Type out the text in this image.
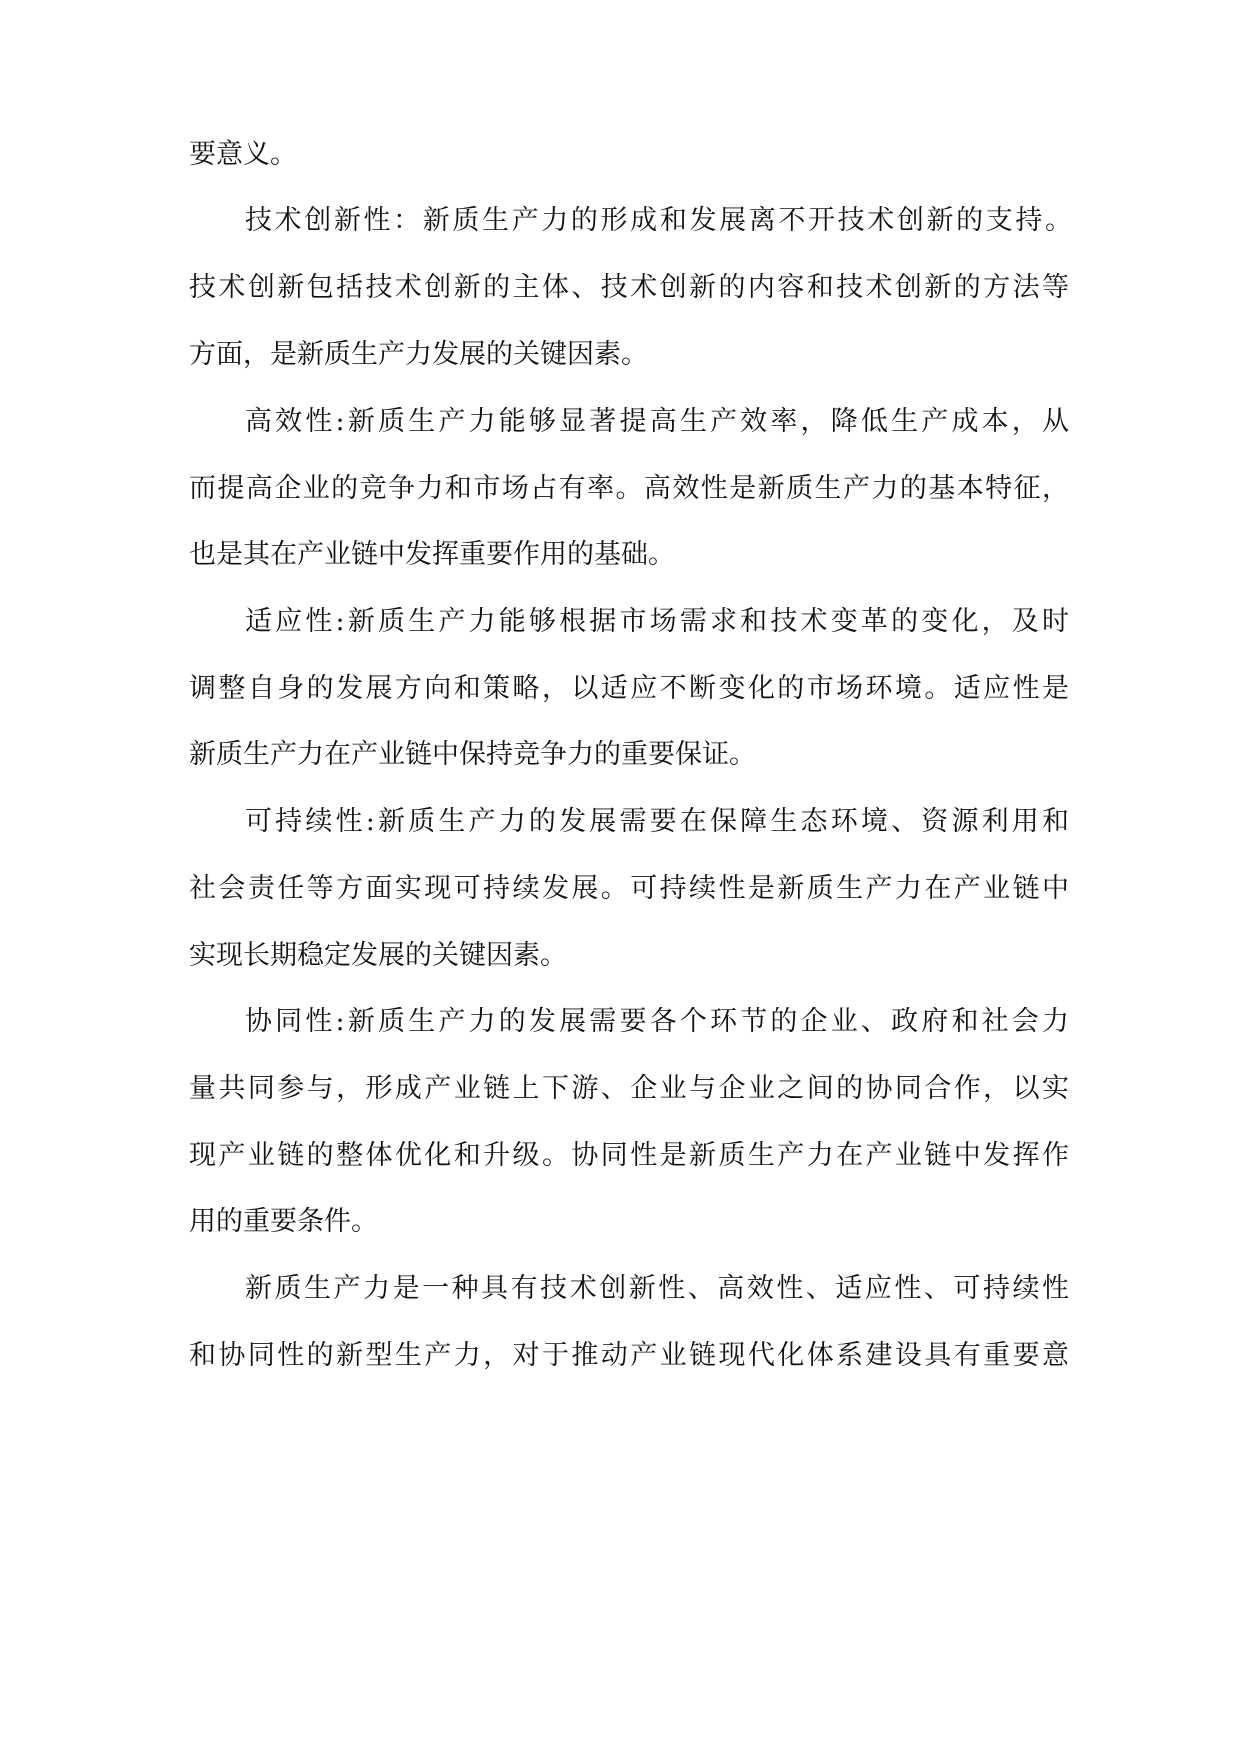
要意义。
技术创新性：新质生产力的形成和发展离不开技术创新的支持。
技术创新包括技术创新的主体、技术创新的内容和技术创新的方法等
方面，是新质生产力发展的关键因素。
高效性:新质生产力能够显著提高生产效率，降低生产成本，从
而提高企业的竞争力和市场占有率。高效性是新质生产力的基本特征，
也是其在产业链中发挥重要作用的基础。
适应性:新质生产力能够根据市场需求和技术变革的变化，及时
调整自身的发展方向和策略，以适应不断变化的市场环境。适应性是
新质生产力在产业链中保持竞争力的重要保证。
可持续性:新质生产力的发展需要在保障生态环境、资源利用和
社会责任等方面实现可持续发展。可持续性是新质生产力在产业链中
实现长期稳定发展的关键因素。
协同性:新质生产力的发展需要各个环节的企业、政府和社会力
量共同参与，形成产业链上下游、企业与企业之间的协同合作，以实
现产业链的整体优化和升级。协同性是新质生产力在产业链中发挥作
用的重要条件。
新质生产力是一种具有技术创新性、高效性、适应性、可持续性
和协同性的新型生产力，对于推动产业链现代化体系建设具有重要意
